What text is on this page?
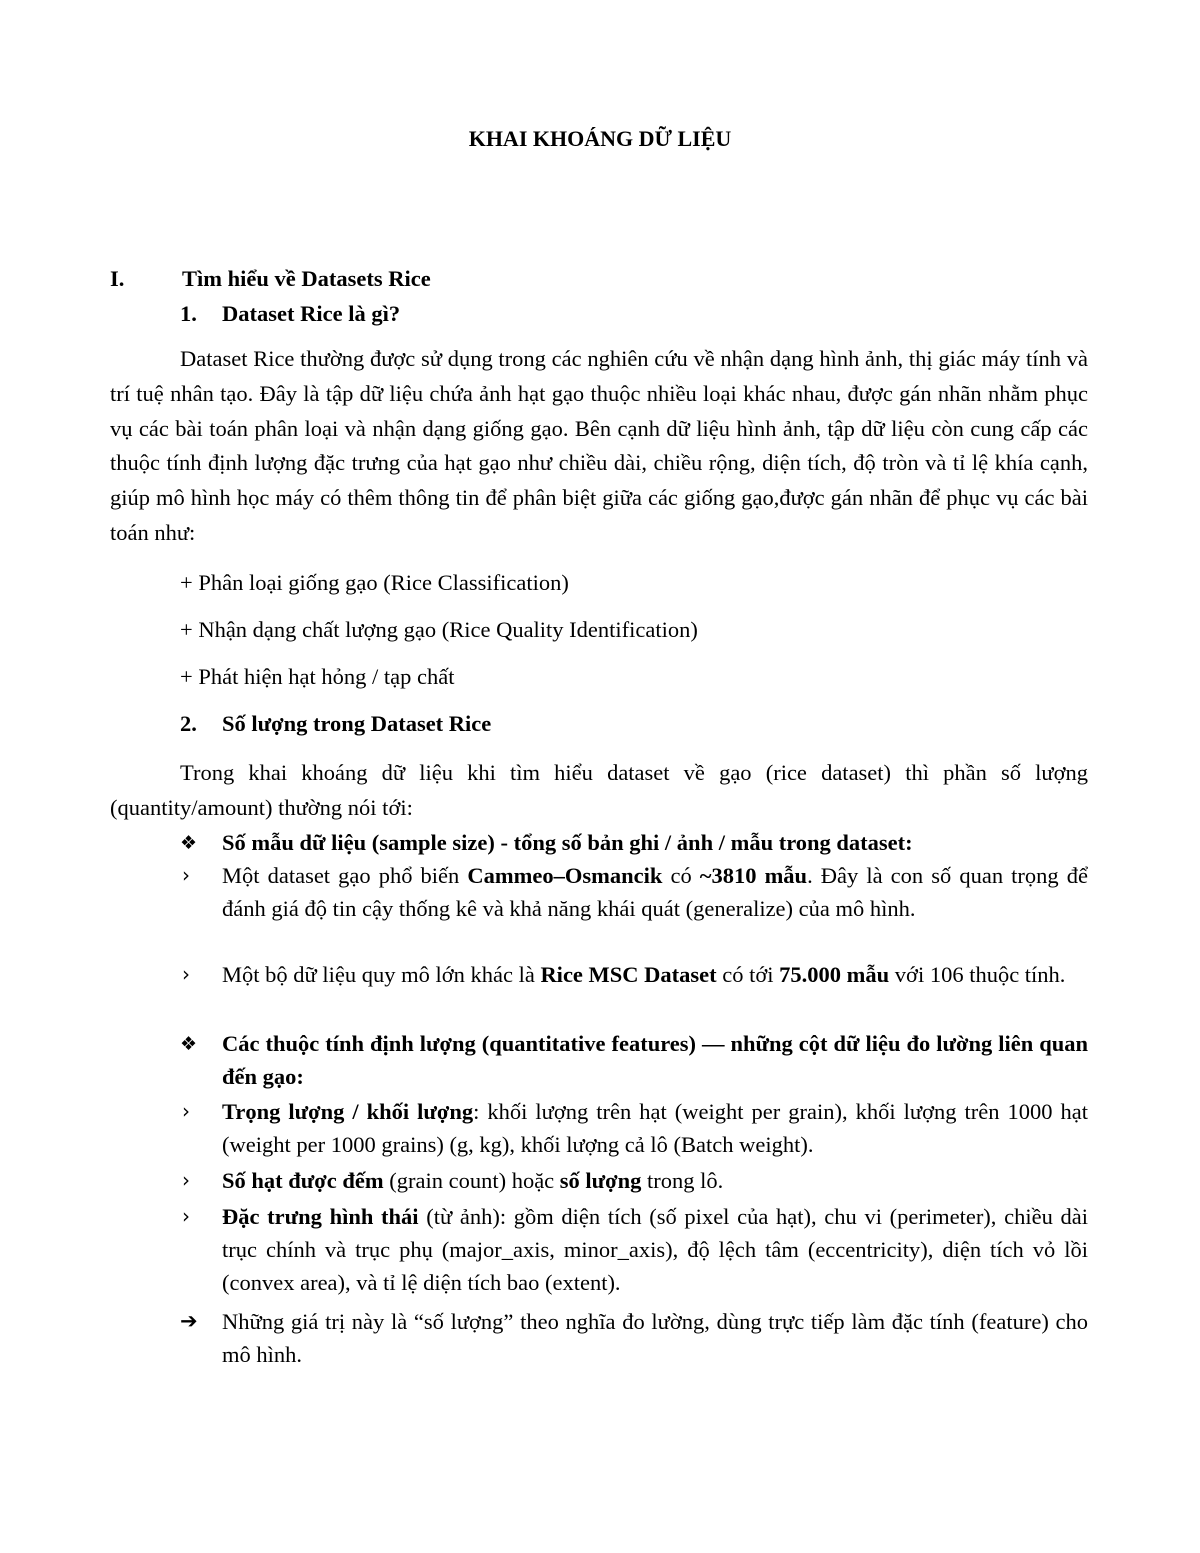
KHAI KHOÁNG DỮ LIỆU
I.	Tìm hiểu về Datasets Rice
1. Dataset Rice là gì?
Dataset Rice thường được sử dụng trong các nghiên cứu về nhận dạng hình ảnh, thị giác máy tính và trí tuệ nhân tạo. Đây là tập dữ liệu chứa ảnh hạt gạo thuộc nhiều loại khác nhau, được gán nhãn nhằm phục vụ các bài toán phân loại và nhận dạng giống gạo. Bên cạnh dữ liệu hình ảnh, tập dữ liệu còn cung cấp các thuộc tính định lượng đặc trưng của hạt gạo như chiều dài, chiều rộng, diện tích, độ tròn và tỉ lệ khía cạnh, giúp mô hình học máy có thêm thông tin để phân biệt giữa các giống gạo,được gán nhãn để phục vụ các bài toán như:
+ Phân loại giống gạo (Rice Classification)
+ Nhận dạng chất lượng gạo (Rice Quality Identification)
+ Phát hiện hạt hỏng / tạp chất
2. Số lượng trong Dataset Rice
Trong khai khoáng dữ liệu khi tìm hiểu dataset về gạo (rice dataset) thì phần số lượng (quantity/amount) thường nói tới:
❖	Số mẫu dữ liệu (sample size) - tổng số bản ghi / ảnh / mẫu trong dataset:
›	Một dataset gạo phổ biến Cammeo–Osmancik có ~3810 mẫu. Đây là con số quan trọng để đánh giá độ tin cậy thống kê và khả năng khái quát (generalize) của mô hình.
›	Một bộ dữ liệu quy mô lớn khác là Rice MSC Dataset có tới 75.000 mẫu với 106 thuộc tính.
❖	Các thuộc tính định lượng (quantitative features) — những cột dữ liệu đo lường liên quan đến gạo:
›	Trọng lượng / khối lượng: khối lượng trên hạt (weight per grain), khối lượng trên 1000 hạt (weight per 1000 grains) (g, kg), khối lượng cả lô (Batch weight).
›	Số hạt được đếm (grain count) hoặc số lượng trong lô.
›	Đặc trưng hình thái (từ ảnh): gồm diện tích (số pixel của hạt), chu vi (perimeter), chiều dài trục chính và trục phụ (major_axis, minor_axis), độ lệch tâm (eccentricity), diện tích vỏ lồi (convex area), và tỉ lệ diện tích bao (extent).
➔	Những giá trị này là “số lượng” theo nghĩa đo lường, dùng trực tiếp làm đặc tính (feature) cho mô hình.
